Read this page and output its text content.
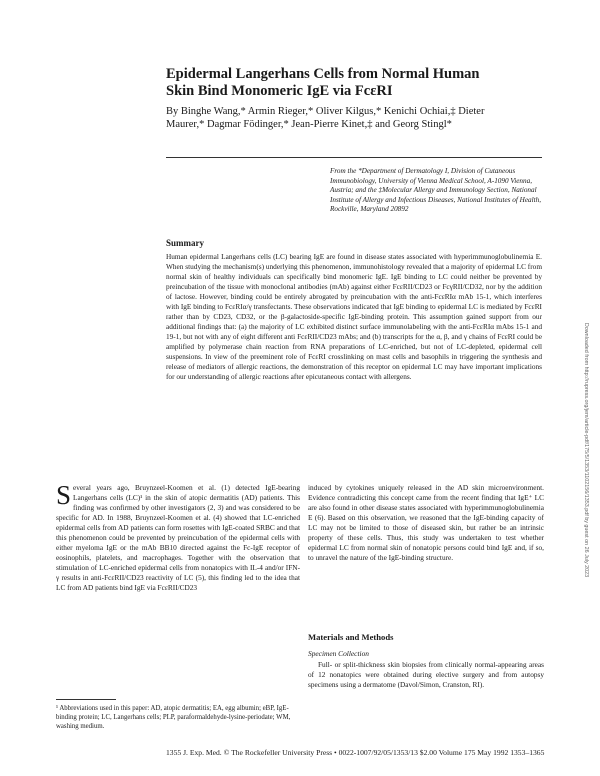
Epidermal Langerhans Cells from Normal Human Skin Bind Monomeric IgE via FcεRI
By Binghe Wang,* Armin Rieger,* Oliver Kilgus,* Kenichi Ochiai,‡ Dieter Maurer,* Dagmar Födinger,* Jean-Pierre Kinet,‡ and Georg Stingl*
From the *Department of Dermatology I, Division of Cutaneous Immunobiology, University of Vienna Medical School, A-1090 Vienna, Austria; and the ‡Molecular Allergy and Immunology Section, National Institute of Allergy and Infectious Diseases, National Institutes of Health, Rockville, Maryland 20892
Summary
Human epidermal Langerhans cells (LC) bearing IgE are found in disease states associated with hyperimmunoglobulinemia E. When studying the mechanism(s) underlying this phenomenon, immunohistology revealed that a majority of epidermal LC from normal skin of healthy individuals can specifically bind monomeric IgE. IgE binding to LC could neither be prevented by preincubation of the tissue with monoclonal antibodies (mAb) against either FcεRII/CD23 or FcγRII/CD32, nor by the addition of lactose. However, binding could be entirely abrogated by preincubation with the anti-FcεRIα mAb 15-1, which interferes with IgE binding to FcεRIα/γ transfectants. These observations indicated that IgE binding to epidermal LC is mediated by FcεRI rather than by CD23, CD32, or the β-galactoside-specific IgE-binding protein. This assumption gained support from our additional findings that: (a) the majority of LC exhibited distinct surface immunolabeling with the anti-FcεRIα mAbs 15-1 and 19-1, but not with any of eight different anti FcεRII/CD23 mAbs; and (b) transcripts for the α, β, and γ chains of FcεRI could be amplified by polymerase chain reaction from RNA preparations of LC-enriched, but not of LC-depleted, epidermal cell suspensions. In view of the preeminent role of FcεRI crosslinking on mast cells and basophils in triggering the synthesis and release of mediators of allergic reactions, the demonstration of this receptor on epidermal LC may have important implications for our understanding of allergic reactions after epicutaneous contact with allergens.
Several years ago, Bruynzeel-Koomen et al. (1) detected IgE-bearing Langerhans cells (LC)¹ in the skin of atopic dermatitis (AD) patients. This finding was confirmed by other investigators (2, 3) and was considered to be specific for AD. In 1988, Bruynzeel-Koomen et al. (4) showed that LC-enriched epidermal cells from AD patients can form rosettes with IgE-coated SRBC and that this phenomenon could be prevented by preincubation of the epidermal cells with either myeloma IgE or the mAb BB10 directed against the Fc-IgE receptor of eosinophils, platelets, and macrophages. Together with the observation that stimulation of LC-enriched epidermal cells from nonatopics with IL-4 and/or IFN-γ results in anti-FcεRII/CD23 reactivity of LC (5), this finding led to the idea that LC from AD patients bind IgE via FcεRII/CD23
induced by cytokines uniquely released in the AD skin microenvironment. Evidence contradicting this concept came from the recent finding that IgE⁺ LC are also found in other disease states associated with hyperimmunoglobulinemia E (6). Based on this observation, we reasoned that the IgE-binding capacity of LC may not be limited to those of diseased skin, but rather be an intrinsic property of these cells. Thus, this study was undertaken to test whether epidermal LC from normal skin of nonatopic persons could bind IgE and, if so, to unravel the nature of the IgE-binding structure.
Materials and Methods
Specimen Collection
Full- or split-thickness skin biopsies from clinically normal-appearing areas of 12 nonatopics were obtained during elective surgery and from autopsy specimens using a dermatome (Davol/Simon, Cranston, RI).
¹ Abbreviations used in this paper: AD, atopic dermatitis; EA, egg albumin; eBP, IgE-binding protein; LC, Langerhans cells; PLP, paraformaldehyde-lysine-periodate; WM, washing medium.
1355 J. Exp. Med. © The Rockefeller University Press • 0022-1007/92/05/1353/13 $2.00 Volume 175 May 1992 1353–1365
Downloaded from http://rupress.org/jem/article-pdf/175/5/1353/1102156/1353.pdf by guest on 26 July 2023
